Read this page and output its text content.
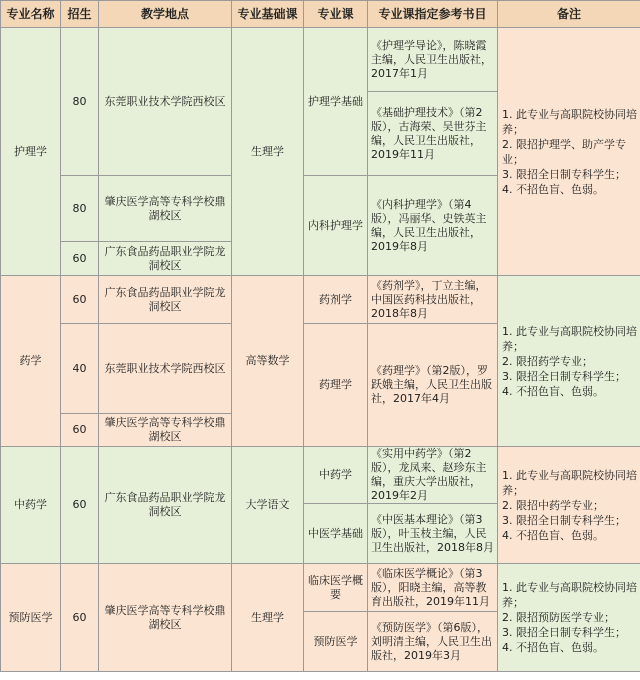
专业名称	招生	教学地点	专业基础课	专业课	专业课指定参考书目	备注
护理学	80	东莞职业技术学院西校区	生理学	护理学基础	《护理学导论》，陈晓霞主编，人民卫生出版社，2017年1月	1. 此专业与高职院校协同培养；
2. 限招护理学、助产学专业；
3. 限招全日制专科学生；
4. 不招色盲、色弱。

					《基础护理技术》（第2版），古海荣、吴世芬主编，人民卫生出版社，2019年11月	
	80	肇庆医学高等专科学校鼎湖校区		内科护理学	《内科护理学》（第4版），冯丽华、史铁英主编，人民卫生出版社，2019年8月	

	60	广东食品药品职业学院龙洞校区				

药学	60	广东食品药品职业学院龙洞校区	高等数学	药剂学	《药剂学》，丁立主编，中国医药科技出版社，2018年8月	1. 此专业与高职院校协同培养；
2. 限招药学专业；
3. 限招全日制专科学生；
4. 不招色盲、色弱。

	40	东莞职业技术学院西校区		药理学	《药理学》（第2版），罗跃娥主编，人民卫生出版社，2017年4月	
	60	肇庆医学高等专科学校鼎湖校区				
中药学	60	广东食品药品职业学院龙洞校区	大学语文	中药学	《实用中药学》（第2版），龙凤来、赵珍东主编，重庆大学出版社，2019年2月	1. 此专业与高职院校协同培养；
2. 限招中药学专业；
3. 限招全日制专科学生；
4. 不招色盲、色弱。

				中医学基础	《中医基本理论》（第3版），叶玉枝主编，人民卫生出版社，2018年8月	
预防医学	60	肇庆医学高等专科学校鼎湖校区	生理学	临床医学概要	《临床医学概论》（第3版），阳晓主编，高等教育出版社，2019年11月	1. 此专业与高职院校协同培养；
2. 限招预防医学专业；
3. 限招全日制专科学生；
4. 不招色盲、色弱。

				预防医学	《预防医学》（第6版），刘明清主编，人民卫生出版社，2019年3月	
